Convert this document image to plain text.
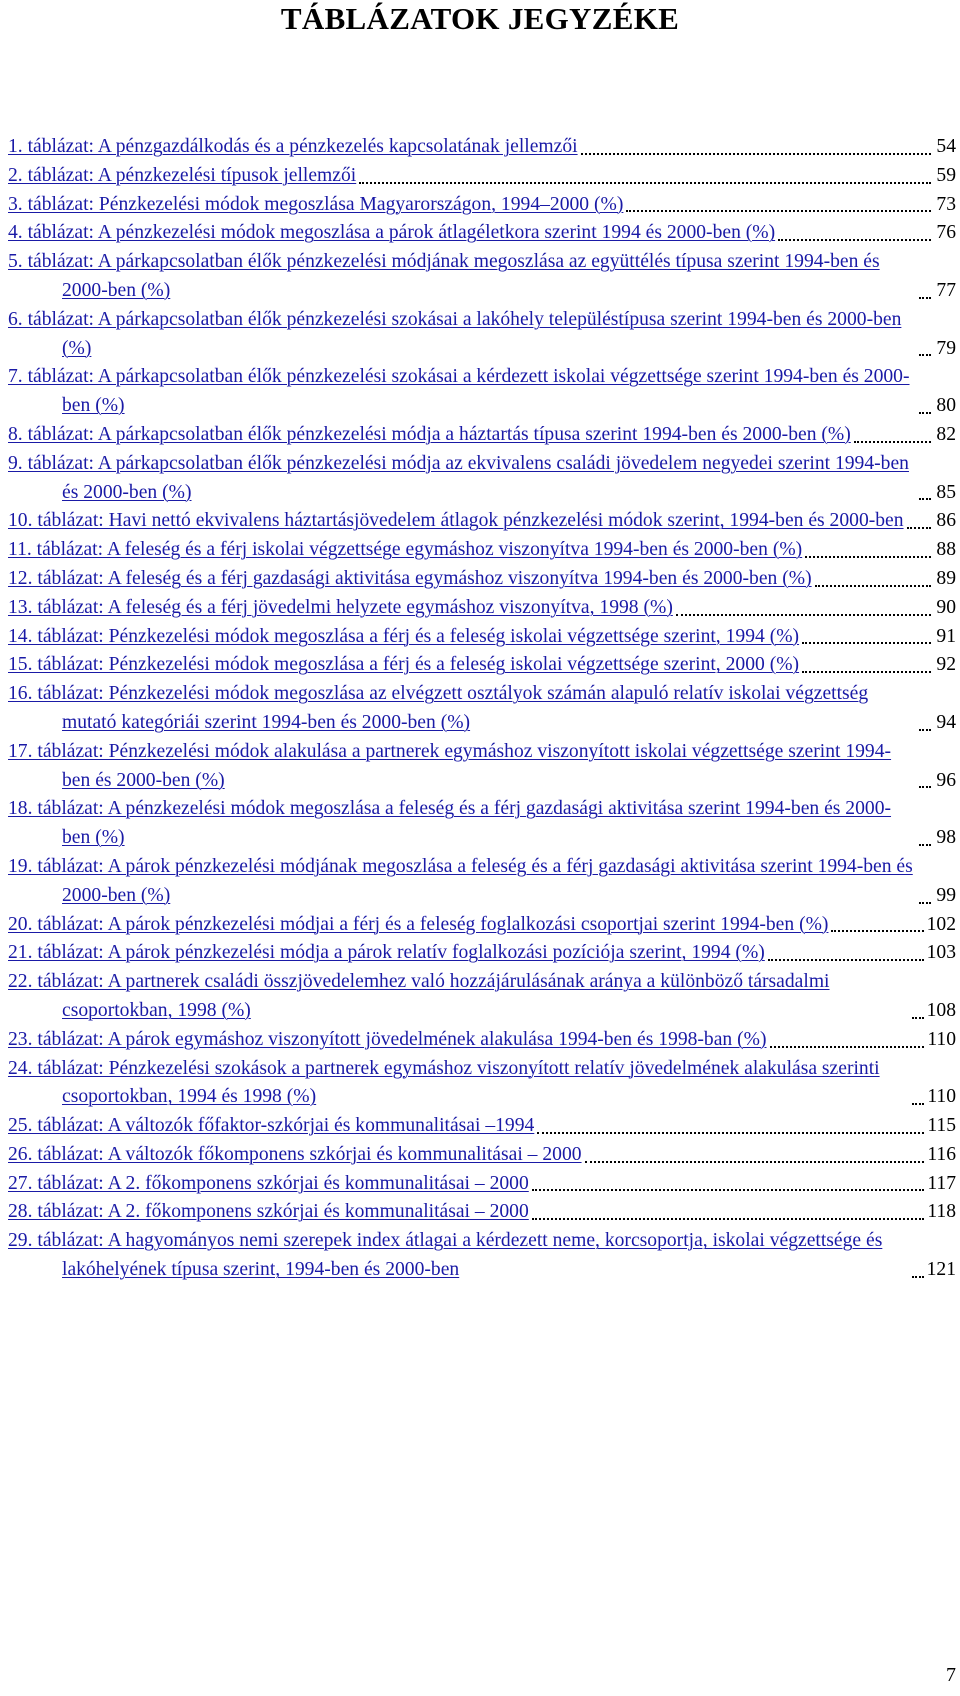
TÁBLÁZATOK JEGYZÉKE
1. táblázat: A pénzgazdálkodás és a pénzkezelés kapcsolatának jellemzői	54
2. táblázat: A pénzkezelési típusok jellemzői	59
3. táblázat: Pénzkezelési módok megoszlása Magyarországon, 1994–2000 (%)	73
4. táblázat: A pénzkezelési módok megoszlása a párok átlagéletkora szerint 1994 és 2000-ben (%)	76
5. táblázat: A párkapcsolatban élők pénzkezelési módjának megoszlása az együttélés típusa szerint 1994-ben és 2000-ben (%)	77
6. táblázat: A párkapcsolatban élők pénzkezelési szokásai a lakóhely településtípusa szerint 1994-ben és 2000-ben (%)	79
7. táblázat: A párkapcsolatban élők pénzkezelési szokásai a kérdezett iskolai végzettsége szerint 1994-ben és 2000-ben (%)	80
8. táblázat: A párkapcsolatban élők pénzkezelési módja a háztartás típusa szerint 1994-ben és 2000-ben (%)	82
9. táblázat: A párkapcsolatban élők pénzkezelési módja az ekvivalens családi jövedelem negyedei szerint 1994-ben és 2000-ben (%)	85
10. táblázat: Havi nettó ekvivalens háztartásjövedelem átlagok pénzkezelési módok szerint, 1994-ben és 2000-ben 86
11. táblázat: A feleség és a férj iskolai végzettsége egymáshoz viszonyítva 1994-ben és 2000-ben (%)	88
12. táblázat: A feleség és a férj gazdasági aktivitása egymáshoz viszonyítva 1994-ben és 2000-ben (%)	89
13. táblázat: A feleség és a férj jövedelmi helyzete egymáshoz viszonyítva, 1998 (%)	90
14. táblázat: Pénzkezelési módok megoszlása a férj és a feleség iskolai végzettsége szerint, 1994 (%)	91
15. táblázat: Pénzkezelési módok megoszlása a férj és a feleség iskolai végzettsége szerint, 2000 (%)	92
16. táblázat: Pénzkezelési módok megoszlása az elvégzett osztályok számán alapuló relatív iskolai végzettség mutató kategóriái szerint 1994-ben és 2000-ben (%)	94
17. táblázat: Pénzkezelési módok alakulása a partnerek egymáshoz viszonyított iskolai végzettsége szerint 1994-ben és 2000-ben (%)	96
18. táblázat: A pénzkezelési módok megoszlása a feleség és a férj gazdasági aktivitása szerint 1994-ben és 2000-ben (%)	98
19. táblázat: A párok pénzkezelési módjának megoszlása a feleség és a férj gazdasági aktivitása szerint 1994-ben és 2000-ben (%)	99
20. táblázat: A párok pénzkezelési módjai a férj és a feleség foglalkozási csoportjai szerint 1994-ben (%)	102
21. táblázat: A párok pénzkezelési módja a párok relatív foglalkozási pozíciója szerint, 1994 (%)	103
22. táblázat: A partnerek családi összjövedelemhez való hozzájárulásának aránya a különböző társadalmi csoportokban, 1998 (%)	108
23. táblázat: A párok egymáshoz viszonyított jövedelmének alakulása 1994-ben és 1998-ban (%)	110
24. táblázat: Pénzkezelési szokások a partnerek egymáshoz viszonyított relatív jövedelmének alakulása szerinti csoportokban, 1994 és 1998 (%)	110
25. táblázat: A változók főfaktor-szkórjai és kommunalitásai –1994	115
26. táblázat: A változók főkomponens szkórjai és kommunalitásai – 2000	116
27. táblázat: A 2. főkomponens szkórjai és kommunalitásai – 2000	117
28. táblázat: A 2. főkomponens szkórjai és kommunalitásai – 2000	118
29. táblázat: A hagyományos nemi szerepek index átlagai a kérdezett neme, korcsoportja, iskolai végzettsége és lakóhelyének típusa szerint, 1994-ben és 2000-ben	121
7
